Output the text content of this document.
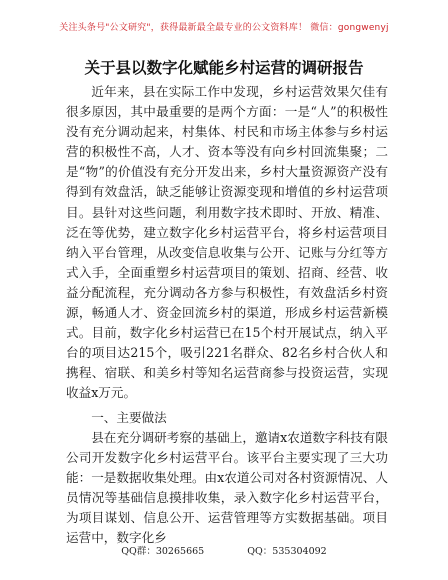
关注头条号"公文研究"，获得最新最全最专业的公文资料库！ 微信：gongwenyj
关于县以数字化赋能乡村运营的调研报告

近年来，县在实际工作中发现，乡村运营效果欠佳有很多原因，其中最重要的是两个方面：一是“人”的积极性没有充分调动起来，村集体、村民和市场主体参与乡村运营的积极性不高，人才、资本等没有向乡村回流集聚；二是“物”的价值没有充分开发出来，乡村大量资源资产没有得到有效盘活，缺乏能够让资源变现和增值的乡村运营项目。县针对这些问题，利用数字技术即时、开放、精准、泛在等优势，建立数字化乡村运营平台，将乡村运营项目纳入平台管理，从改变信息收集与公开、记账与分红等方式入手，全面重塑乡村运营项目的策划、招商、经营、收益分配流程，充分调动各方参与积极性，有效盘活乡村资源，畅通人才、资金回流乡村的渠道，形成乡村运营新模式。目前，数字化乡村运营已在15个村开展试点，纳入平台的项目达215个，吸引221名群众、82名乡村合伙人和携程、宿联、和美乡村等知名运营商参与投资运营，实现收益x万元。

一、主要做法

县在充分调研考察的基础上，邀请x农道数字科技有限公司开发数字化乡村运营平台。该平台主要实现了三大功能：一是数据收集处理。由x农道公司对各村资源情况、人员情况等基础信息摸排收集，录入数字化乡村运营平台，为项目谋划、信息公开、运营管理等方实数据基础。项目运营中，数字化乡

QQ群：30265665	QQ：535304092
